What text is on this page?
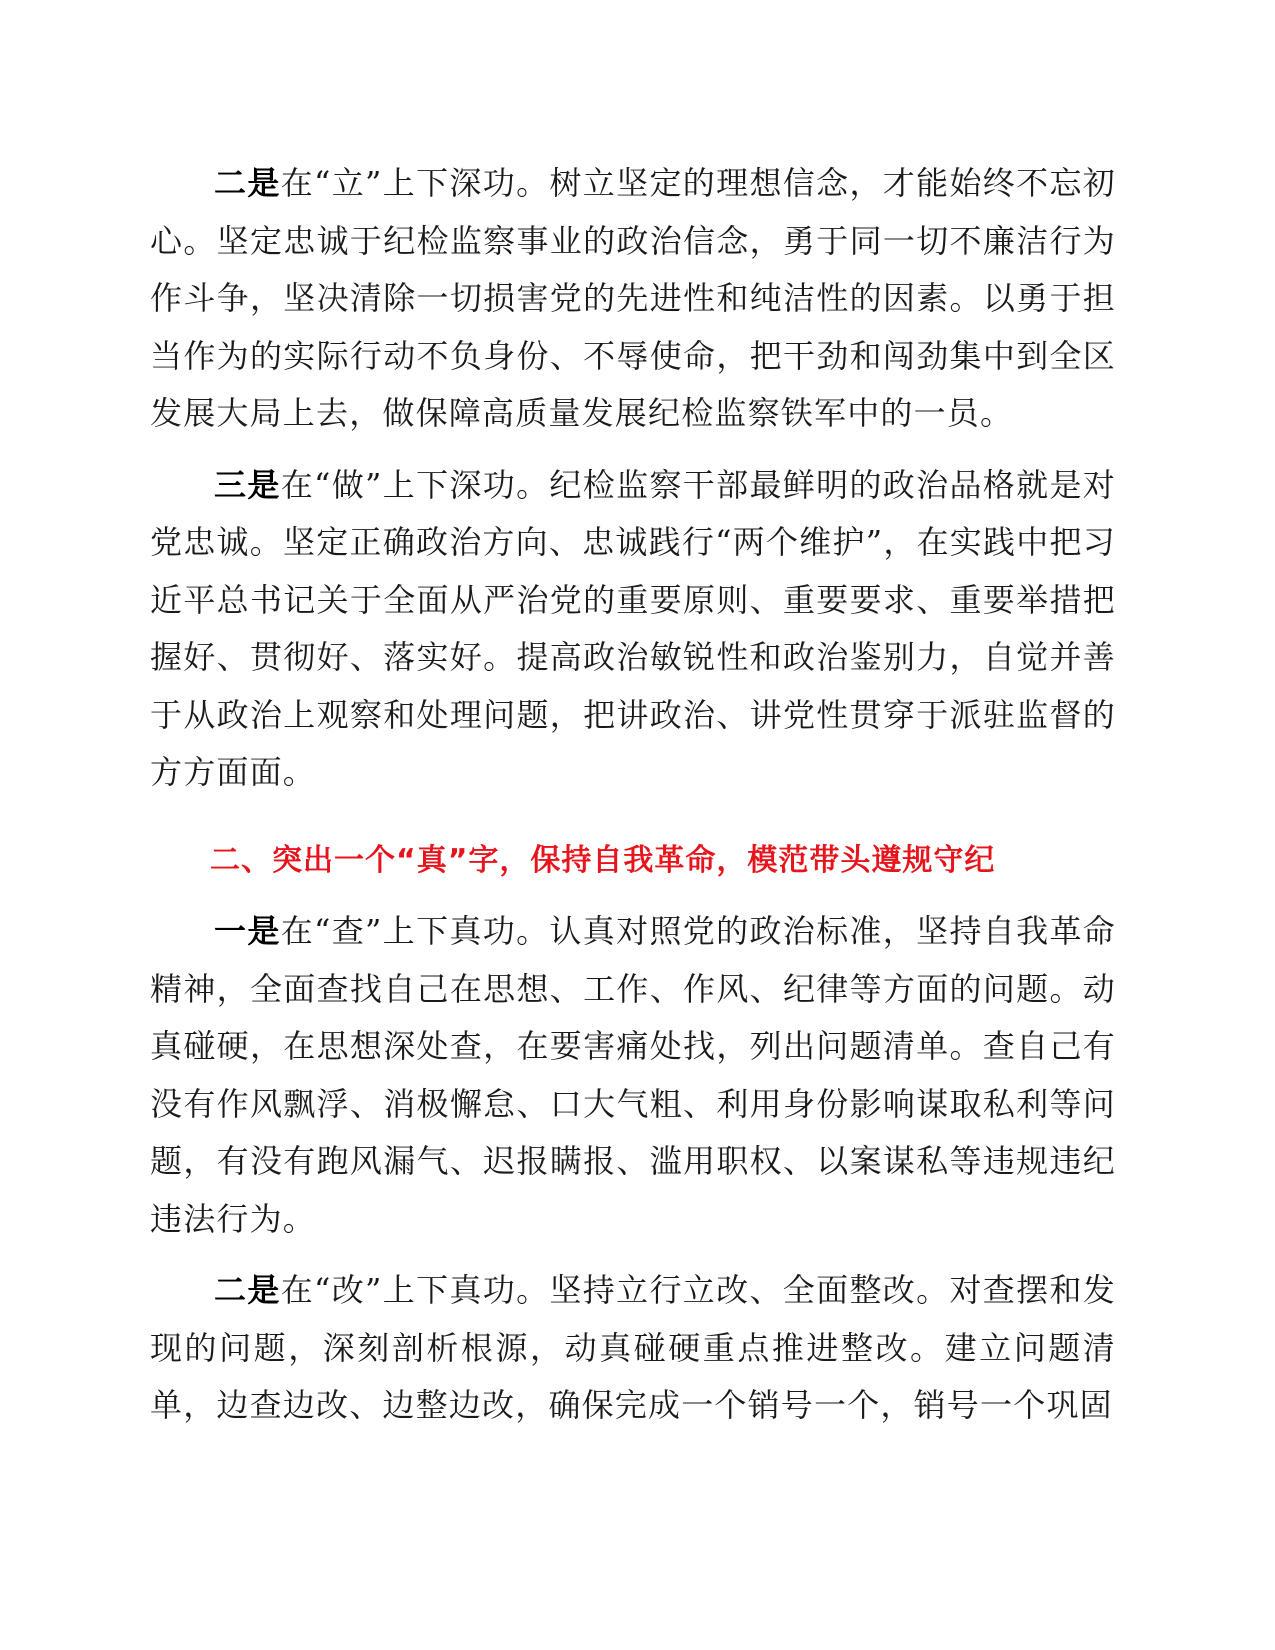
二是在“立”上下深功。树立坚定的理想信念，才能始终不忘初心。坚定忠诚于纪检监察事业的政治信念，勇于同一切不廉洁行为作斗争，坚决清除一切损害党的先进性和纯洁性的因素。以勇于担当作为的实际行动不负身份、不辱使命，把干劲和闯劲集中到全区发展大局上去，做保障高质量发展纪检监察铁军中的一员。

三是在“做”上下深功。纪检监察干部最鲜明的政治品格就是对党忠诚。坚定正确政治方向、忠诚践行“两个维护”，在实践中把习近平总书记关于全面从严治党的重要原则、重要要求、重要举措把握好、贯彻好、落实好。提高政治敏锐性和政治鉴别力，自觉并善于从政治上观察和处理问题，把讲政治、讲党性贯穿于派驻监督的方方面面。

二、突出一个“真”字，保持自我革命，模范带头遵规守纪

一是在“查”上下真功。认真对照党的政治标准，坚持自我革命精神，全面查找自己在思想、工作、作风、纪律等方面的问题。动真碰硬，在思想深处查，在要害痛处找，列出问题清单。查自己有没有作风飘浮、消极懈怠、口大气粗、利用身份影响谋取私利等问题，有没有跑风漏气、迟报瞒报、滥用职权、以案谋私等违规违纪违法行为。

二是在“改”上下真功。坚持立行立改、全面整改。对查摆和发现的问题，深刻剖析根源，动真碰硬重点推进整改。建立问题清单，边查边改、边整边改，确保完成一个销号一个，销号一个巩固
